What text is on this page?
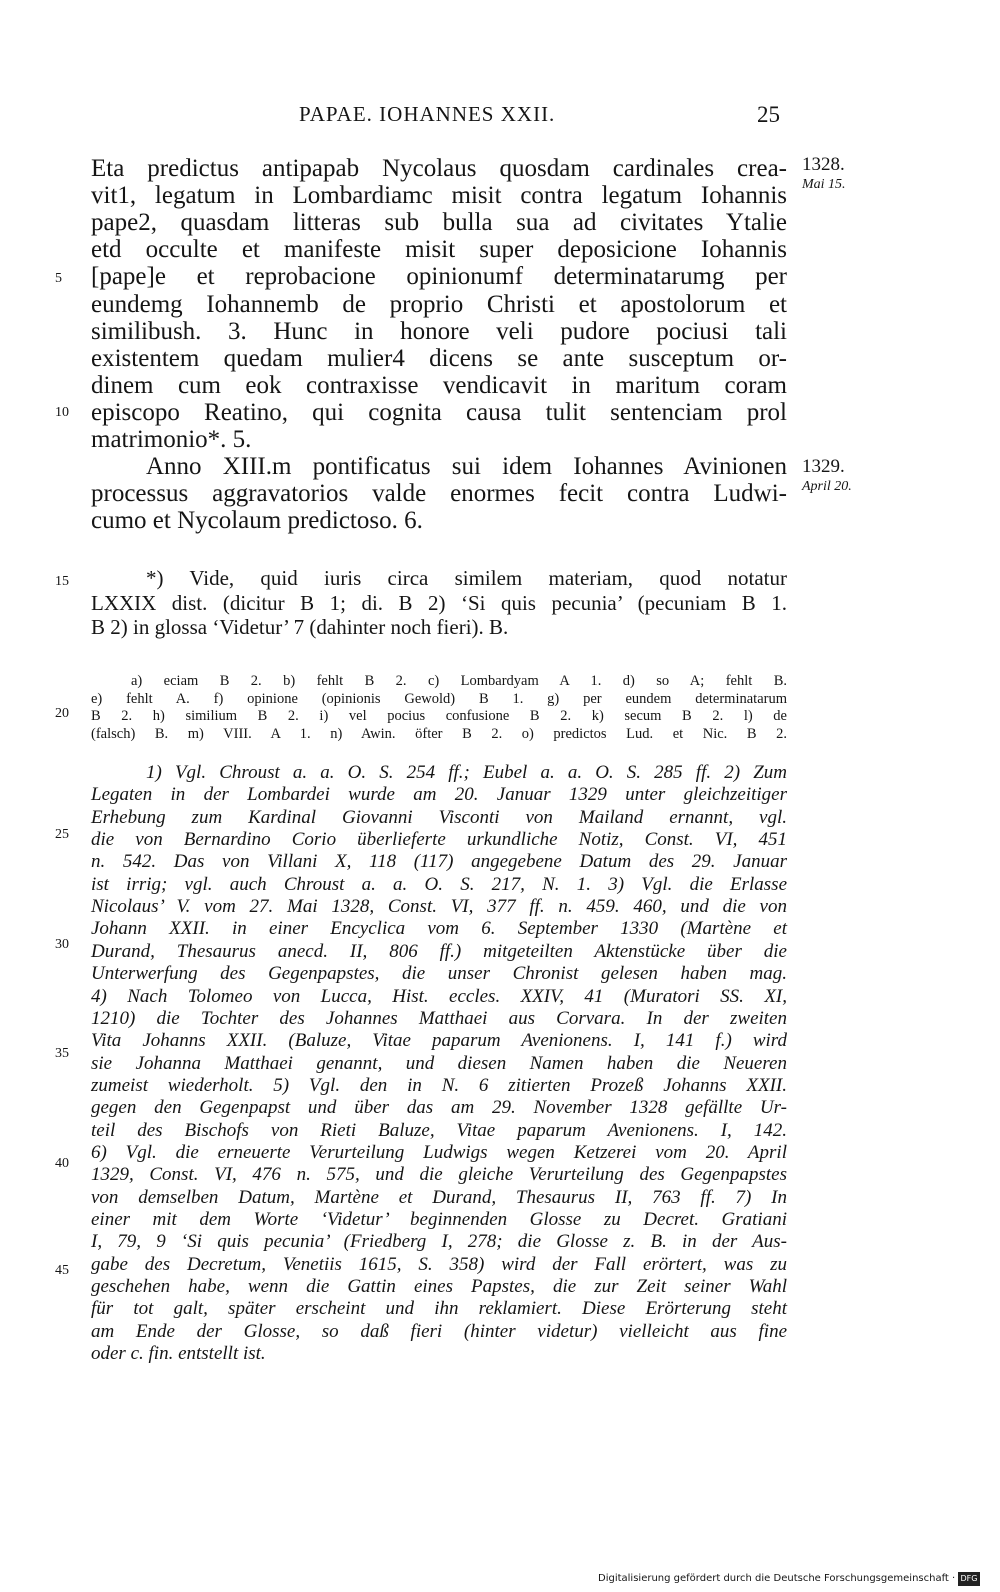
PAPAE. IOHANNES XXII.	25
1328.
Mai 15.
1329.
April 20.
Eta predictus antipapab Nycolaus quosdam cardinales crea-
vit1, legatum in Lombardiamc misit contra legatum Iohannis
pape2, quasdam litteras sub bulla sua ad civitates Ytalie
etd occulte et manifeste misit super deposicione Iohannis
[pape]e et reprobacione opinionumf determinatarumg per
eundemg Iohannemb de proprio Christi et apostolorum et
similibush. 3. Hunc in honore veli pudore pociusi tali
existentem quedam mulier4 dicens se ante susceptum or-
dinem cum eok contraxisse vendicavit in maritum coram
episcopo Reatino, qui cognita causa tulit sentenciam prol
matrimonio*. 5.
Anno XIII.m pontificatus sui idem Iohannes Avinionen
processus aggravatorios valde enormes fecit contra Ludwi-
cumo et Nycolaum predictoso. 6.
*) Vide, quid iuris circa similem materiam, quod notatur
LXXIX dist. (dicitur B 1; di. B 2) ‘Si quis pecunia’ (pecuniam B 1.
B 2) in glossa ‘Videtur’ 7 (dahinter noch fieri). B.
a) eciam B 2. b) fehlt B 2. c) Lombardyam A 1. d) so A; fehlt B.
e) fehlt A. f) opinione (opinionis Gewold) B 1. g) per eundem determinatarum
B 2. h) similium B 2. i) vel pocius confusione B 2. k) secum B 2. l) de
(falsch) B. m) VIII. A 1. n) Awin. öfter B 2. o) predictos Lud. et Nic. B 2.
1) Vgl. Chroust a. a. O. S. 254 ff.; Eubel a. a. O. S. 285 ff. 2) Zum
Legaten in der Lombardei wurde am 20. Januar 1329 unter gleichzeitiger
Erhebung zum Kardinal Giovanni Visconti von Mailand ernannt, vgl.
die von Bernardino Corio überlieferte urkundliche Notiz, Const. VI, 451
n. 542. Das von Villani X, 118 (117) angegebene Datum des 29. Januar
ist irrig; vgl. auch Chroust a. a. O. S. 217, N. 1. 3) Vgl. die Erlasse
Nicolaus’ V. vom 27. Mai 1328, Const. VI, 377 ff. n. 459. 460, und die von
Johann XXII. in einer Encyclica vom 6. September 1330 (Martène et
Durand, Thesaurus anecd. II, 806 ff.) mitgeteilten Aktenstücke über die
Unterwerfung des Gegenpapstes, die unser Chronist gelesen haben mag.
4) Nach Tolomeo von Lucca, Hist. eccles. XXIV, 41 (Muratori SS. XI,
1210) die Tochter des Johannes Matthaei aus Corvara. In der zweiten
Vita Johanns XXII. (Baluze, Vitae paparum Avenionens. I, 141 f.) wird
sie Johanna Matthaei genannt, und diesen Namen haben die Neueren
zumeist wiederholt. 5) Vgl. den in N. 6 zitierten Prozeß Johanns XXII.
gegen den Gegenpapst und über das am 29. November 1328 gefällte Ur-
teil des Bischofs von Rieti Baluze, Vitae paparum Avenionens. I, 142.
6) Vgl. die erneuerte Verurteilung Ludwigs wegen Ketzerei vom 20. April
1329, Const. VI, 476 n. 575, und die gleiche Verurteilung des Gegenpapstes
von demselben Datum, Martène et Durand, Thesaurus II, 763 ff. 7) In
einer mit dem Worte ‘Videtur’ beginnenden Glosse zu Decret. Gratiani
I, 79, 9 ‘Si quis pecunia’ (Friedberg I, 278; die Glosse z. B. in der Aus-
gabe des Decretum, Venetiis 1615, S. 358) wird der Fall erörtert, was zu
geschehen habe, wenn die Gattin eines Papstes, die zur Zeit seiner Wahl
für tot galt, später erscheint und ihn reklamiert. Diese Erörterung steht
am Ende der Glosse, so daß fieri (hinter videtur) vielleicht aus fine
oder c. fin. entstellt ist.
5
10
15
20
25
30
35
40
45
Digitalisierung gefördert durch die Deutsche Forschungsgemeinschaft · DFG
